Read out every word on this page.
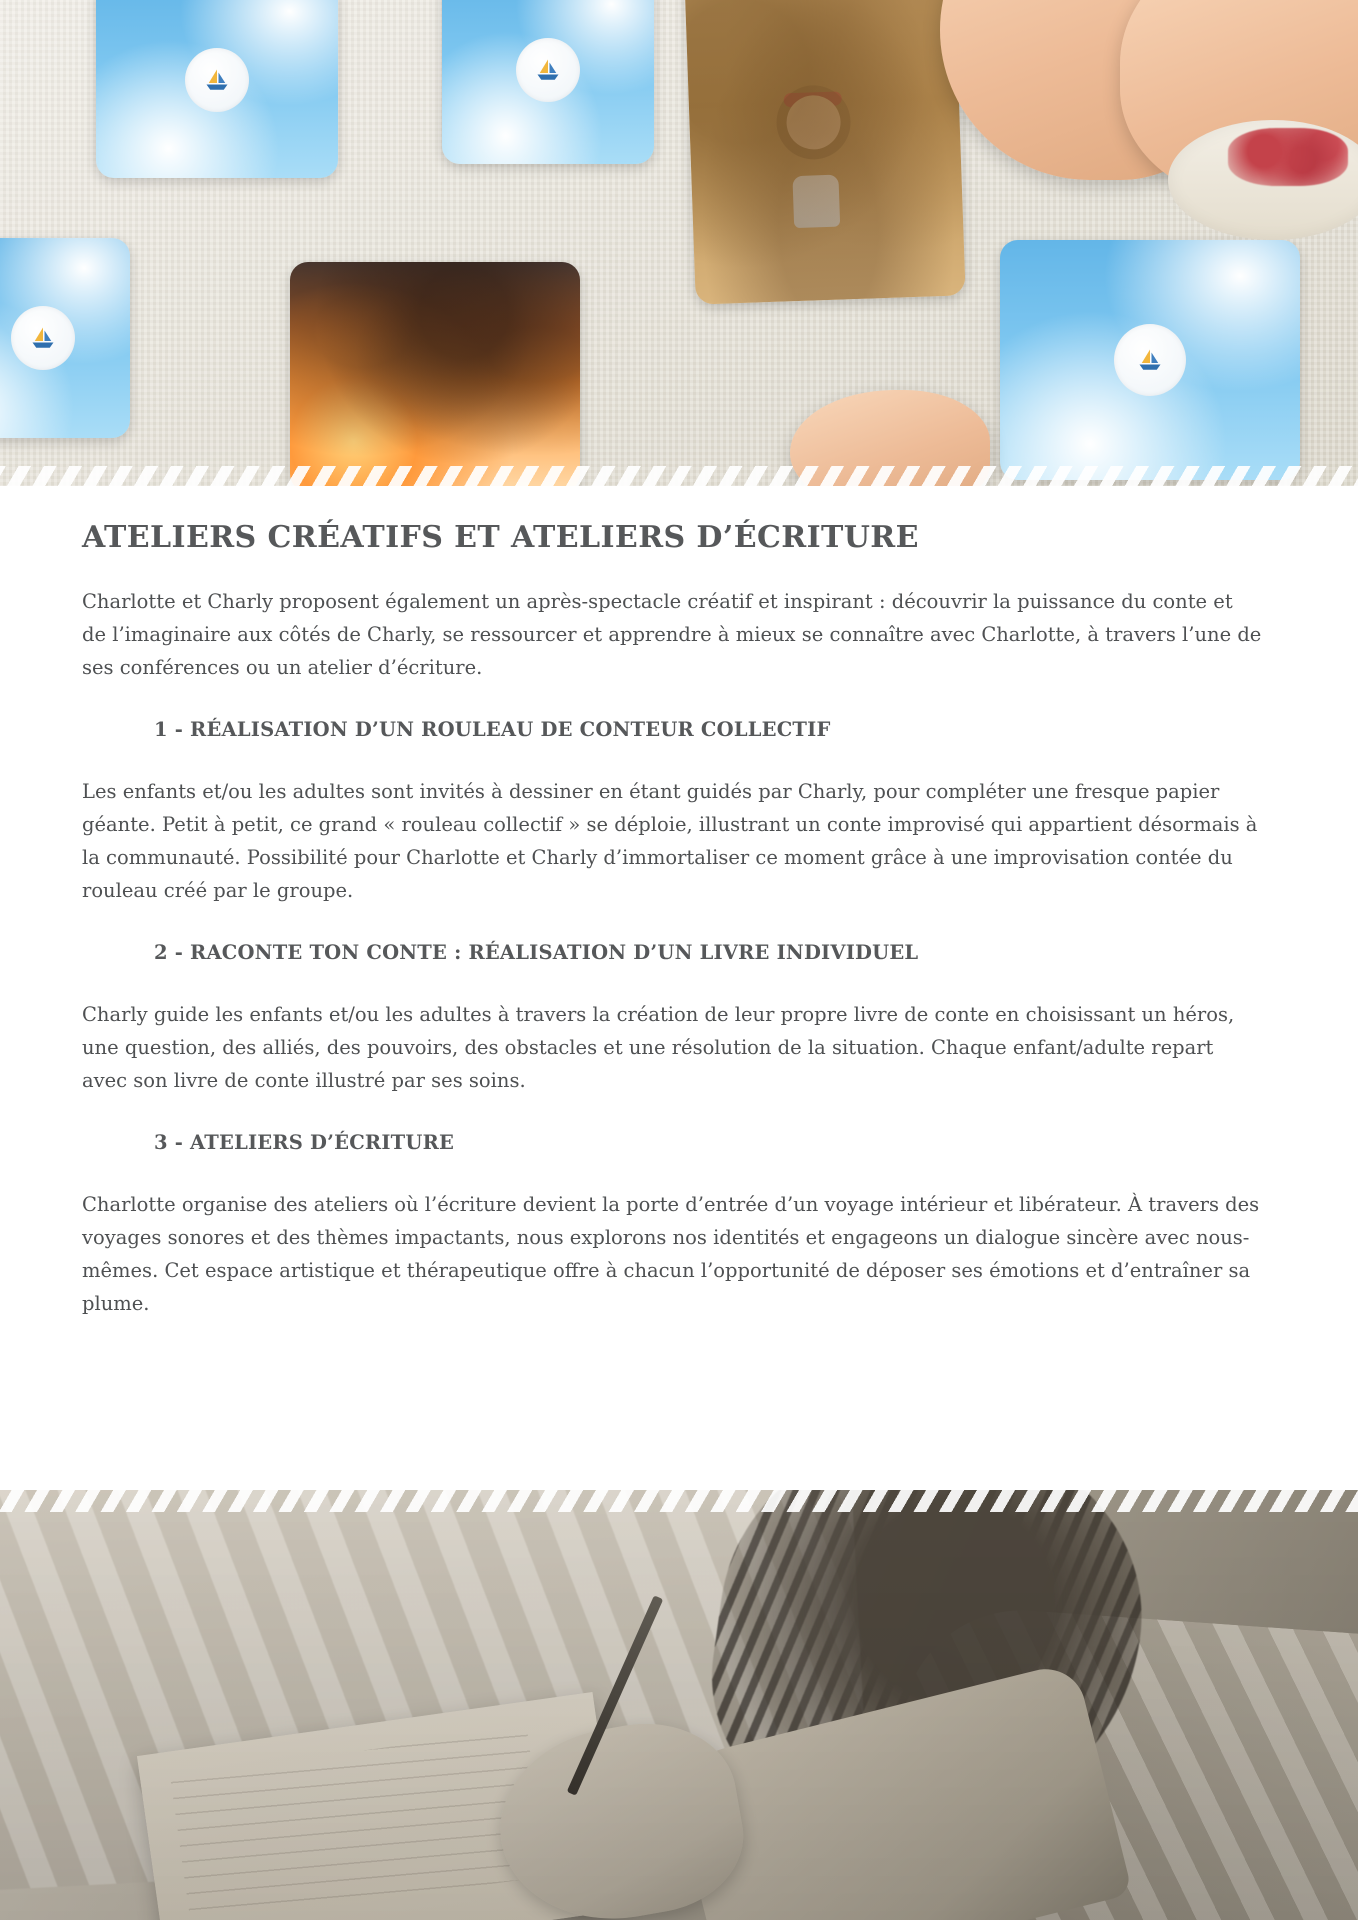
ATELIERS CRÉATIFS ET ATELIERS D’ÉCRITURE

Charlotte et Charly proposent également un après-spectacle créatif et inspirant : découvrir la puissance du conte et de l’imaginaire aux côtés de Charly, se ressourcer et apprendre à mieux se connaître avec Charlotte, à travers l’une de ses conférences ou un atelier d’écriture.

1 - RÉALISATION D’UN ROULEAU DE CONTEUR COLLECTIF

Les enfants et/ou les adultes sont invités à dessiner en étant guidés par Charly, pour compléter une fresque papier géante. Petit à petit, ce grand « rouleau collectif » se déploie, illustrant un conte improvisé qui appartient désormais à la communauté. Possibilité pour Charlotte et Charly d’immortaliser ce moment grâce à une improvisation contée du rouleau créé par le groupe.

2 - RACONTE TON CONTE : RÉALISATION D’UN LIVRE INDIVIDUEL

Charly guide les enfants et/ou les adultes à travers la création de leur propre livre de conte en choisissant un héros, une question, des alliés, des pouvoirs, des obstacles et une résolution de la situation. Chaque enfant/adulte repart avec son livre de conte illustré par ses soins.

3 - ATELIERS D’ÉCRITURE

Charlotte organise des ateliers où l’écriture devient la porte d’entrée d’un voyage intérieur et libérateur. À travers des voyages sonores et des thèmes impactants, nous explorons nos identités et engageons un dialogue sincère avec nous-mêmes. Cet espace artistique et thérapeutique offre à chacun l’opportunité de déposer ses émotions et d’entraîner sa plume.
